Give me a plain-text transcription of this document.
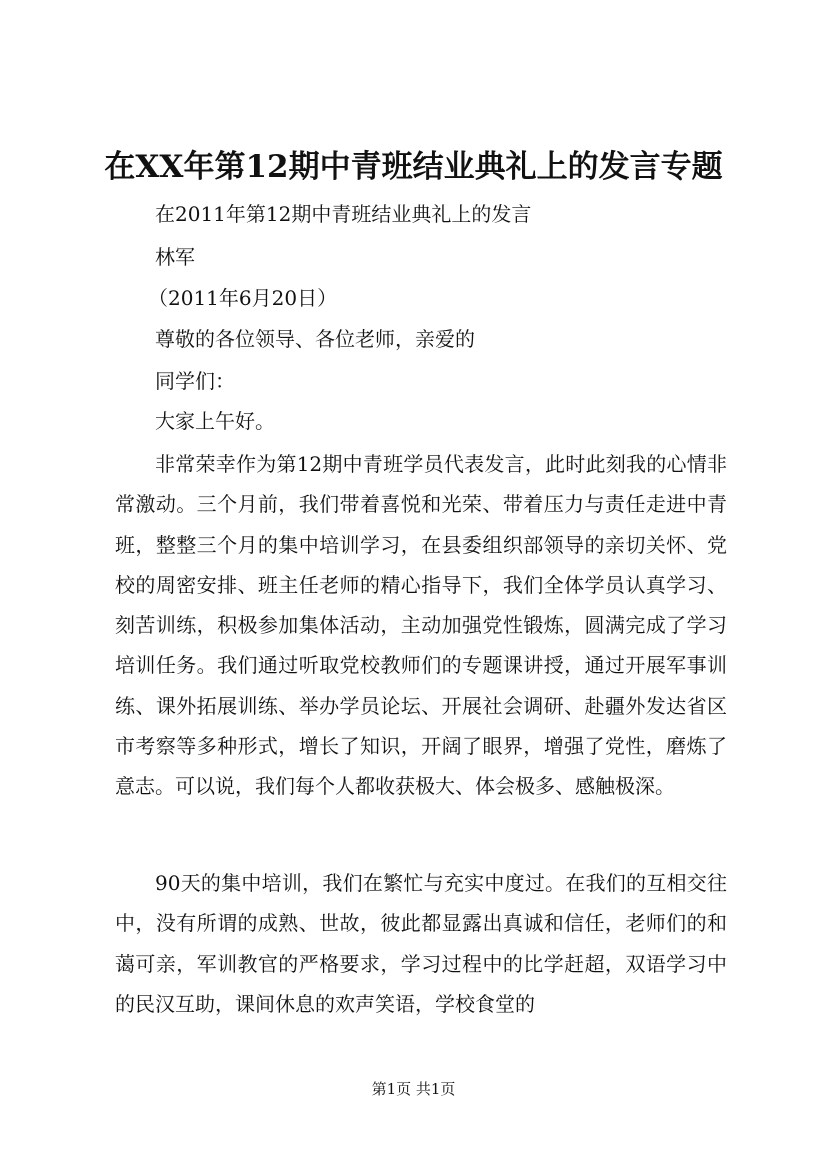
在XX年第12期中青班结业典礼上的发言专题
在2011年第12期中青班结业典礼上的发言
林军
（2011年6月20日）
尊敬的各位领导、各位老师，亲爱的
同学们：
大家上午好。

非常荣幸作为第12期中青班学员代表发言，此时此刻我的心情非常激动。三个月前，我们带着喜悦和光荣、带着压力与责任走进中青班，整整三个月的集中培训学习，在县委组织部领导的亲切关怀、党校的周密安排、班主任老师的精心指导下，我们全体学员认真学习、刻苦训练，积极参加集体活动，主动加强党性锻炼，圆满完成了学习培训任务。我们通过听取党校教师们的专题课讲授，通过开展军事训练、课外拓展训练、举办学员论坛、开展社会调研、赴疆外发达省区市考察等多种形式，增长了知识，开阔了眼界，增强了党性，磨炼了意志。可以说，我们每个人都收获极大、体会极多、感触极深。

90天的集中培训，我们在繁忙与充实中度过。在我们的互相交往中，没有所谓的成熟、世故，彼此都显露出真诚和信任，老师们的和蔼可亲，军训教官的严格要求，学习过程中的比学赶超，双语学习中的民汉互助，课间休息的欢声笑语，学校食堂的

第1页 共1页
